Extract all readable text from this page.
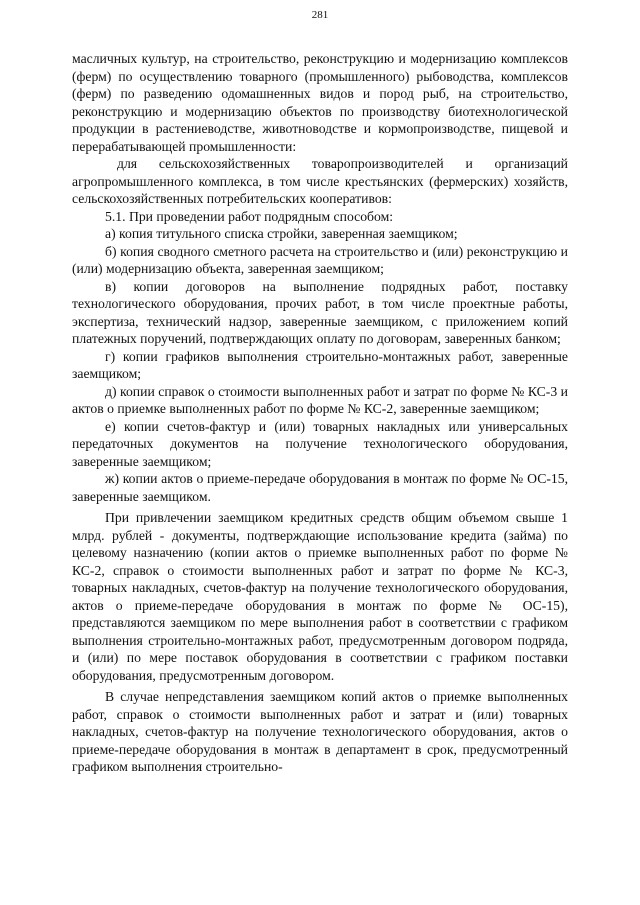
281

масличных культур, на строительство, реконструкцию и модернизацию комплексов (ферм) по осуществлению товарного (промышленного) рыбоводства, комплексов (ферм) по разведению одомашненных видов и пород рыб, на строительство, реконструкцию и модернизацию объектов по производству биотехнологической продукции в растениеводстве, животноводстве и кормопроизводстве, пищевой и перерабатывающей промышленности:

для сельскохозяйственных товаропроизводителей и организаций агропромышленного комплекса, в том числе крестьянских (фермерских) хозяйств, сельскохозяйственных потребительских кооперативов:

5.1. При проведении работ подрядным способом:

а) копия титульного списка стройки, заверенная заемщиком;

б) копия сводного сметного расчета на строительство и (или) реконструкцию и (или) модернизацию объекта, заверенная заемщиком;

в) копии договоров на выполнение подрядных работ, поставку технологического оборудования, прочих работ, в том числе проектные работы, экспертиза, технический надзор, заверенные заемщиком, с приложением копий платежных поручений, подтверждающих оплату по договорам, заверенных банком;

г) копии графиков выполнения строительно-монтажных работ, заверенные заемщиком;

д) копии справок о стоимости выполненных работ и затрат по форме № КС-3 и актов о приемке выполненных работ по форме № КС-2, заверенные заемщиком;

е) копии счетов-фактур и (или) товарных накладных или универсальных передаточных документов на получение технологического оборудования, заверенные заемщиком;

ж) копии актов о приеме-передаче оборудования в монтаж по форме № ОС-15, заверенные заемщиком.

При привлечении заемщиком кредитных средств общим объемом свыше 1 млрд. рублей - документы, подтверждающие использование кредита (займа) по целевому назначению (копии актов о приемке выполненных работ по форме № КС-2, справок о стоимости выполненных работ и затрат по форме № КС-3, товарных накладных, счетов-фактур на получение технологического оборудования, актов о приеме-передаче оборудования в монтаж по форме № ОС-15), представляются заемщиком по мере выполнения работ в соответствии с графиком выполнения строительно-монтажных работ, предусмотренным договором подряда, и (или) по мере поставок оборудования в соответствии с графиком поставки оборудования, предусмотренным договором.

В случае непредставления заемщиком копий актов о приемке выполненных работ, справок о стоимости выполненных работ и затрат и (или) товарных накладных, счетов-фактур на получение технологического оборудования, актов о приеме-передаче оборудования в монтаж в департамент в срок, предусмотренный графиком выполнения строительно-
